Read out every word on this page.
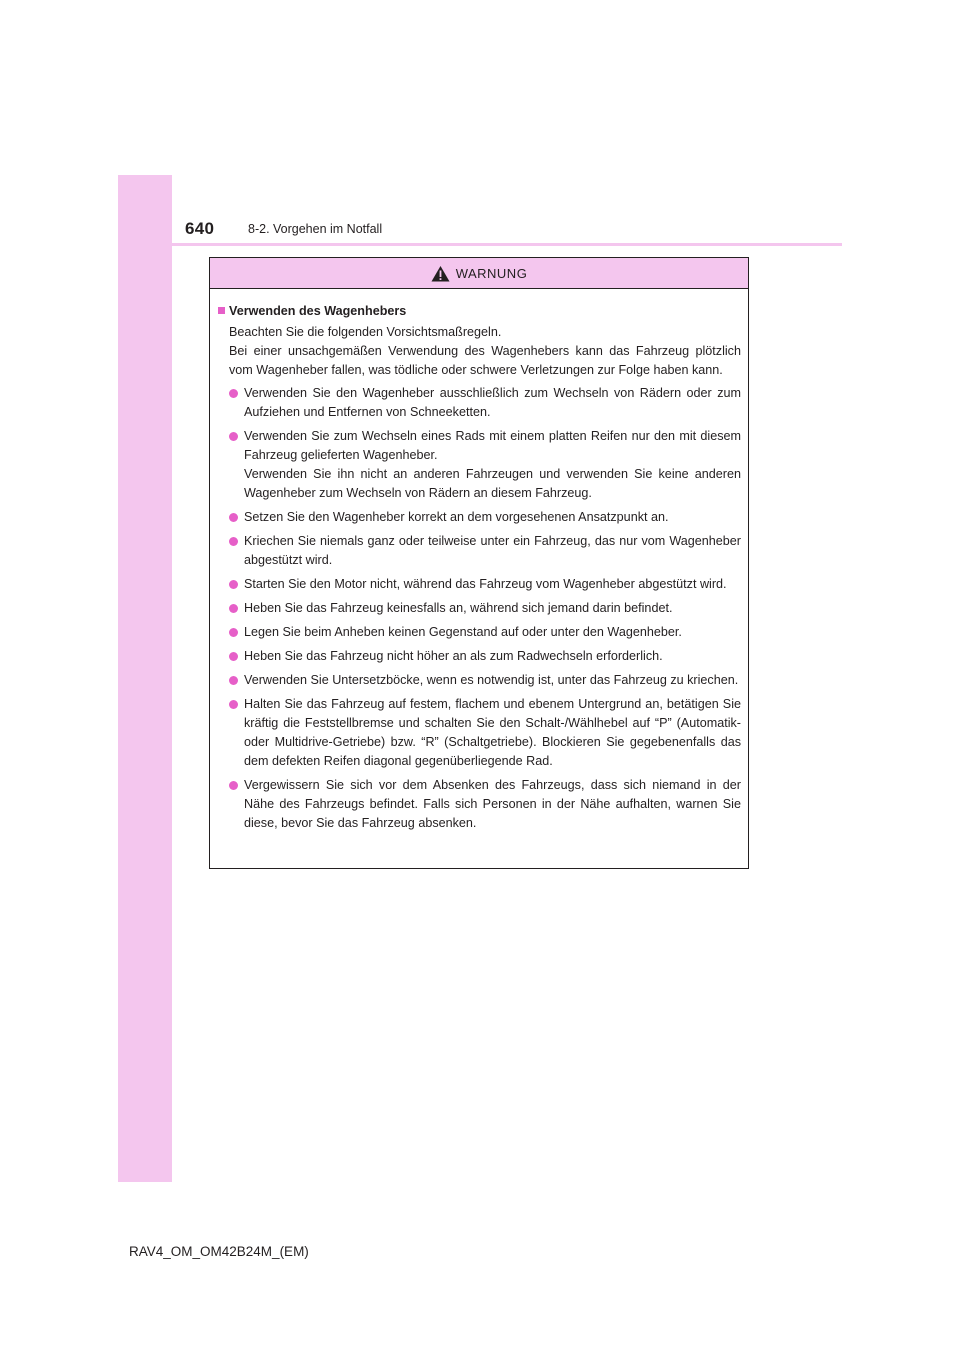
640	8-2. Vorgehen im Notfall
WARNUNG
Verwenden des Wagenhebers

Beachten Sie die folgenden Vorsichtsmaßregeln.

Bei einer unsachgemäßen Verwendung des Wagenhebers kann das Fahrzeug plötzlich vom Wagenheber fallen, was tödliche oder schwere Verletzungen zur Folge haben kann.

Verwenden Sie den Wagenheber ausschließlich zum Wechseln von Rädern oder zum Aufziehen und Entfernen von Schneeketten.

Verwenden Sie zum Wechseln eines Rads mit einem platten Reifen nur den mit diesem Fahrzeug gelieferten Wagenheber.

Verwenden Sie ihn nicht an anderen Fahrzeugen und verwenden Sie keine anderen Wagenheber zum Wechseln von Rädern an diesem Fahrzeug.

Setzen Sie den Wagenheber korrekt an dem vorgesehenen Ansatzpunkt an.

Kriechen Sie niemals ganz oder teilweise unter ein Fahrzeug, das nur vom Wagenheber abgestützt wird.

Starten Sie den Motor nicht, während das Fahrzeug vom Wagenheber abgestützt wird.

Heben Sie das Fahrzeug keinesfalls an, während sich jemand darin befindet.

Legen Sie beim Anheben keinen Gegenstand auf oder unter den Wagenheber.

Heben Sie das Fahrzeug nicht höher an als zum Radwechseln erforderlich.

Verwenden Sie Untersetzböcke, wenn es notwendig ist, unter das Fahrzeug zu kriechen.

Halten Sie das Fahrzeug auf festem, flachem und ebenem Untergrund an, betätigen Sie kräftig die Feststellbremse und schalten Sie den Schalt-/Wählhebel auf “P” (Automatik- oder Multidrive-Getriebe) bzw. “R” (Schaltgetriebe). Blockieren Sie gegebenenfalls das dem defekten Reifen diagonal gegenüberliegende Rad.

Vergewissern Sie sich vor dem Absenken des Fahrzeugs, dass sich niemand in der Nähe des Fahrzeugs befindet. Falls sich Personen in der Nähe aufhalten, warnen Sie diese, bevor Sie das Fahrzeug absenken.

RAV4_OM_OM42B24M_(EM)
